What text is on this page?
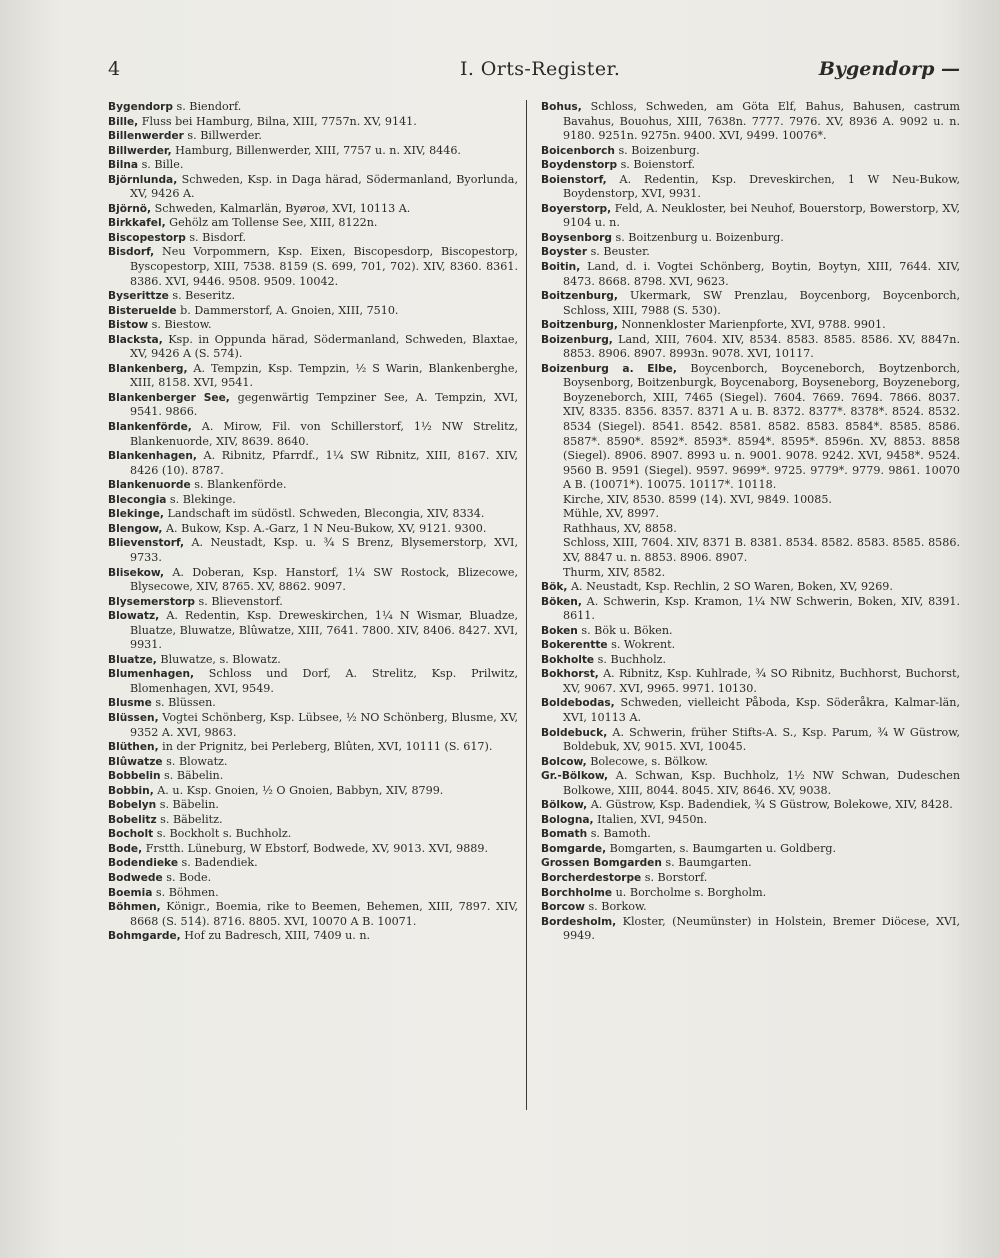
4	I. Orts-Register.	Bygendorp —

Bygendorp s. Biendorf.

Bille, Fluss bei Hamburg, Bilna, XIII, 7757n. XV, 9141.

Billenwerder s. Billwerder.

Billwerder, Hamburg, Billenwerder, XIII, 7757 u. n. XIV, 8446.

Bilna s. Bille.

Björnlunda, Schweden, Ksp. in Daga härad, Södermanland, Byorlunda, XV, 9426 A.

Björnö, Schweden, Kalmarlän, Byøroø, XVI, 10113 A.

Birkkafel, Gehölz am Tollense See, XIII, 8122n.

Biscopestorp s. Bisdorf.

Bisdorf, Neu Vorpommern, Ksp. Eixen, Biscopesdorp, Biscopestorp, Byscopestorp, XIII, 7538. 8159 (S. 699, 701, 702). XIV, 8360. 8361. 8386. XVI, 9446. 9508. 9509. 10042.

Byserittze s. Beseritz.

Bisteruelde b. Dammerstorf, A. Gnoien, XIII, 7510.

Bistow s. Biestow.

Blacksta, Ksp. in Oppunda härad, Södermanland, Schweden, Blaxtae, XV, 9426 A (S. 574).

Blankenberg, A. Tempzin, Ksp. Tempzin, ½ S Warin, Blankenberghe, XIII, 8158. XVI, 9541.

Blankenberger See, gegenwärtig Tempziner See, A. Tempzin, XVI, 9541. 9866.

Blankenförde, A. Mirow, Fil. von Schillerstorf, 1½ NW Strelitz, Blankenuorde, XIV, 8639. 8640.

Blankenhagen, A. Ribnitz, Pfarrdf., 1¼ SW Ribnitz, XIII, 8167. XIV, 8426 (10). 8787.

Blankenuorde s. Blankenförde.

Blecongia s. Blekinge.

Blekinge, Landschaft im südöstl. Schweden, Blecongia, XIV, 8334.

Blengow, A. Bukow, Ksp. A.-Garz, 1 N Neu-Bukow, XV, 9121. 9300.

Blievenstorf, A. Neustadt, Ksp. u. ¾ S Brenz, Blysemerstorp, XVI, 9733.

Blisekow, A. Doberan, Ksp. Hanstorf, 1¼ SW Rostock, Blizecowe, Blysecowe, XIV, 8765. XV, 8862. 9097.

Blysemerstorp s. Blievenstorf.

Blowatz, A. Redentin, Ksp. Dreweskirchen, 1¼ N Wismar, Bluadze, Bluatze, Bluwatze, Blûwatze, XIII, 7641. 7800. XIV, 8406. 8427. XVI, 9931.

Bluatze, Bluwatze, s. Blowatz.

Blumenhagen, Schloss und Dorf, A. Strelitz, Ksp. Prilwitz, Blomenhagen, XVI, 9549.

Blusme s. Blüssen.

Blüssen, Vogtei Schönberg, Ksp. Lübsee, ½ NO Schönberg, Blusme, XV, 9352 A. XVI, 9863.

Blüthen, in der Prignitz, bei Perleberg, Blûten, XVI, 10111 (S. 617).

Blûwatze s. Blowatz.

Bobbelin s. Bäbelin.

Bobbin, A. u. Ksp. Gnoien, ½ O Gnoien, Babbyn, XIV, 8799.

Bobelyn s. Bäbelin.

Bobelitz s. Bäbelitz.

Bocholt s. Bockholt s. Buchholz.

Bode, Frstth. Lüneburg, W Ebstorf, Bodwede, XV, 9013. XVI, 9889.

Bodendieke s. Badendiek.

Bodwede s. Bode.

Boemia s. Böhmen.

Böhmen, Königr., Boemia, rike to Beemen, Behemen, XIII, 7897. XIV, 8668 (S. 514). 8716. 8805. XVI, 10070 A B. 10071.

Bohmgarde, Hof zu Badresch, XIII, 7409 u. n.

Bohus, Schloss, Schweden, am Göta Elf, Bahus, Bahusen, castrum Bavahus, Bouohus, XIII, 7638n. 7777. 7976. XV, 8936 A. 9092 u. n. 9180. 9251n. 9275n. 9400. XVI, 9499. 10076*.

Boicenborch s. Boizenburg.

Boydenstorp s. Boienstorf.

Boienstorf, A. Redentin, Ksp. Dreveskirchen, 1 W Neu-Bukow, Boydenstorp, XVI, 9931.

Boyerstorp, Feld, A. Neukloster, bei Neuhof, Bouerstorp, Bowerstorp, XV, 9104 u. n.

Boysenborg s. Boitzenburg u. Boizenburg.

Boyster s. Beuster.

Boitin, Land, d. i. Vogtei Schönberg, Boytin, Boytyn, XIII, 7644. XIV, 8473. 8668. 8798. XVI, 9623.

Boitzenburg, Ukermark, SW Prenzlau, Boycenborg, Boycenborch, Schloss, XIII, 7988 (S. 530).

Boitzenburg, Nonnenkloster Marienpforte, XVI, 9788. 9901.

Boizenburg, Land, XIII, 7604. XIV, 8534. 8583. 8585. 8586. XV, 8847n. 8853. 8906. 8907. 8993n. 9078. XVI, 10117.

Boizenburg a. Elbe, Boycenborch, Boyceneborch, Boytzenborch, Boysenborg, Boitzenburgk, Boycenaborg, Boyseneborg, Boyzeneborg, Boyzeneborch, XIII, 7465 (Siegel). 7604. 7669. 7694. 7866. 8037. XIV, 8335. 8356. 8357. 8371 A u. B. 8372. 8377*. 8378*. 8524. 8532. 8534 (Siegel). 8541. 8542. 8581. 8582. 8583. 8584*. 8585. 8586. 8587*. 8590*. 8592*. 8593*. 8594*. 8595*. 8596n. XV, 8853. 8858 (Siegel). 8906. 8907. 8993 u. n. 9001. 9078. 9242. XVI, 9458*. 9524. 9560 B. 9591 (Siegel). 9597. 9699*. 9725. 9779*. 9779. 9861. 10070 A B. (10071*). 10075. 10117*. 10118.

Kirche, XIV, 8530. 8599 (14). XVI, 9849. 10085.

Mühle, XV, 8997.

Rathhaus, XV, 8858.

Schloss, XIII, 7604. XIV, 8371 B. 8381. 8534. 8582. 8583. 8585. 8586. XV, 8847 u. n. 8853. 8906. 8907.

Thurm, XIV, 8582.

Bök, A. Neustadt, Ksp. Rechlin, 2 SO Waren, Boken, XV, 9269.

Böken, A. Schwerin, Ksp. Kramon, 1¼ NW Schwerin, Boken, XIV, 8391. 8611.

Boken s. Bök u. Böken.

Bokerentte s. Wokrent.

Bokholte s. Buchholz.

Bokhorst, A. Ribnitz, Ksp. Kuhlrade, ¾ SO Ribnitz, Buchhorst, Buchorst, XV, 9067. XVI, 9965. 9971. 10130.

Boldebodas, Schweden, vielleicht Påboda, Ksp. Söderåkra, Kalmar-län, XVI, 10113 A.

Boldebuck, A. Schwerin, früher Stifts-A. S., Ksp. Parum, ¾ W Güstrow, Boldebuk, XV, 9015. XVI, 10045.

Bolcow, Bolecowe, s. Bölkow.

Gr.-Bölkow, A. Schwan, Ksp. Buchholz, 1½ NW Schwan, Dudeschen Bolkowe, XIII, 8044. 8045. XIV, 8646. XV, 9038.

Bölkow, A. Güstrow, Ksp. Badendiek, ¾ S Güstrow, Bolekowe, XIV, 8428.

Bologna, Italien, XVI, 9450n.

Bomath s. Bamoth.

Bomgarde, Bomgarten, s. Baumgarten u. Goldberg.

Grossen Bomgarden s. Baumgarten.

Borcherdestorpe s. Borstorf.

Borchholme u. Borcholme s. Borgholm.

Borcow s. Borkow.

Bordesholm, Kloster, (Neumünster) in Holstein, Bremer Diöcese, XVI, 9949.
